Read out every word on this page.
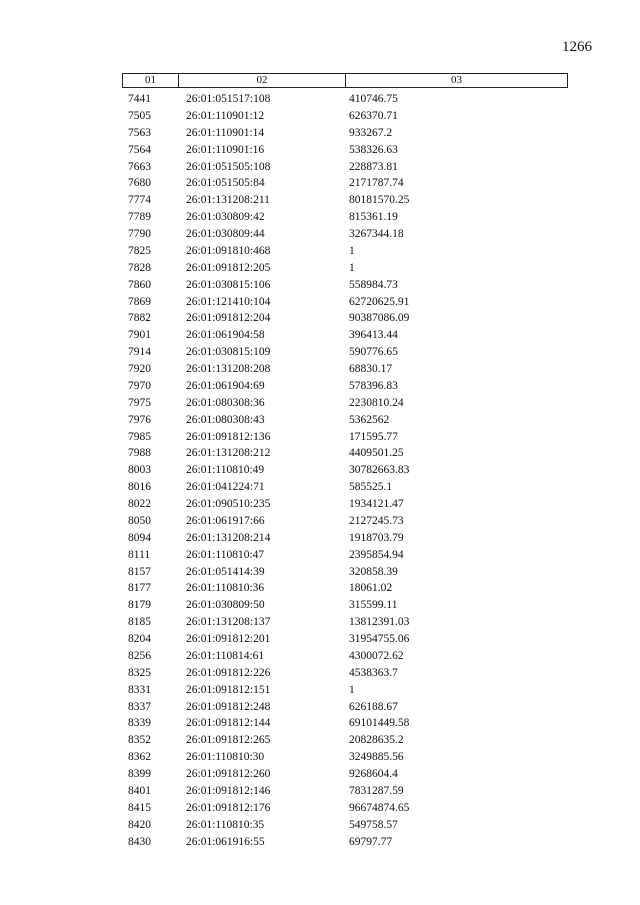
1266
01	02	03
7441	26:01:051517:108	410746.75
7505	26:01:110901:12	626370.71
7563	26:01:110901:14	933267.2
7564	26:01:110901:16	538326.63
7663	26:01:051505:108	228873.81
7680	26:01:051505:84	2171787.74
7774	26:01:131208:211	80181570.25
7789	26:01:030809:42	815361.19
7790	26:01:030809:44	3267344.18
7825	26:01:091810:468	1
7828	26:01:091812:205	1
7860	26:01:030815:106	558984.73
7869	26:01:121410:104	62720625.91
7882	26:01:091812:204	90387086.09
7901	26:01:061904:58	396413.44
7914	26:01:030815:109	590776.65
7920	26:01:131208:208	68830.17
7970	26:01:061904:69	578396.83
7975	26:01:080308:36	2230810.24
7976	26:01:080308:43	5362562
7985	26:01:091812:136	171595.77
7988	26:01:131208:212	4409501.25
8003	26:01:110810:49	30782663.83
8016	26:01:041224:71	585525.1
8022	26:01:090510:235	1934121.47
8050	26:01:061917:66	2127245.73
8094	26:01:131208:214	1918703.79
8111	26:01:110810:47	2395854.94
8157	26:01:051414:39	320858.39
8177	26:01:110810:36	18061.02
8179	26:01:030809:50	315599.11
8185	26:01:131208:137	13812391.03
8204	26:01:091812:201	31954755.06
8256	26:01:110814:61	4300072.62
8325	26:01:091812:226	4538363.7
8331	26:01:091812:151	1
8337	26:01:091812:248	626188.67
8339	26:01:091812:144	69101449.58
8352	26:01:091812:265	20828635.2
8362	26:01:110810:30	3249885.56
8399	26:01:091812:260	9268604.4
8401	26:01:091812:146	7831287.59
8415	26:01:091812:176	96674874.65
8420	26:01:110810:35	549758.57
8430	26:01:061916:55	69797.77
